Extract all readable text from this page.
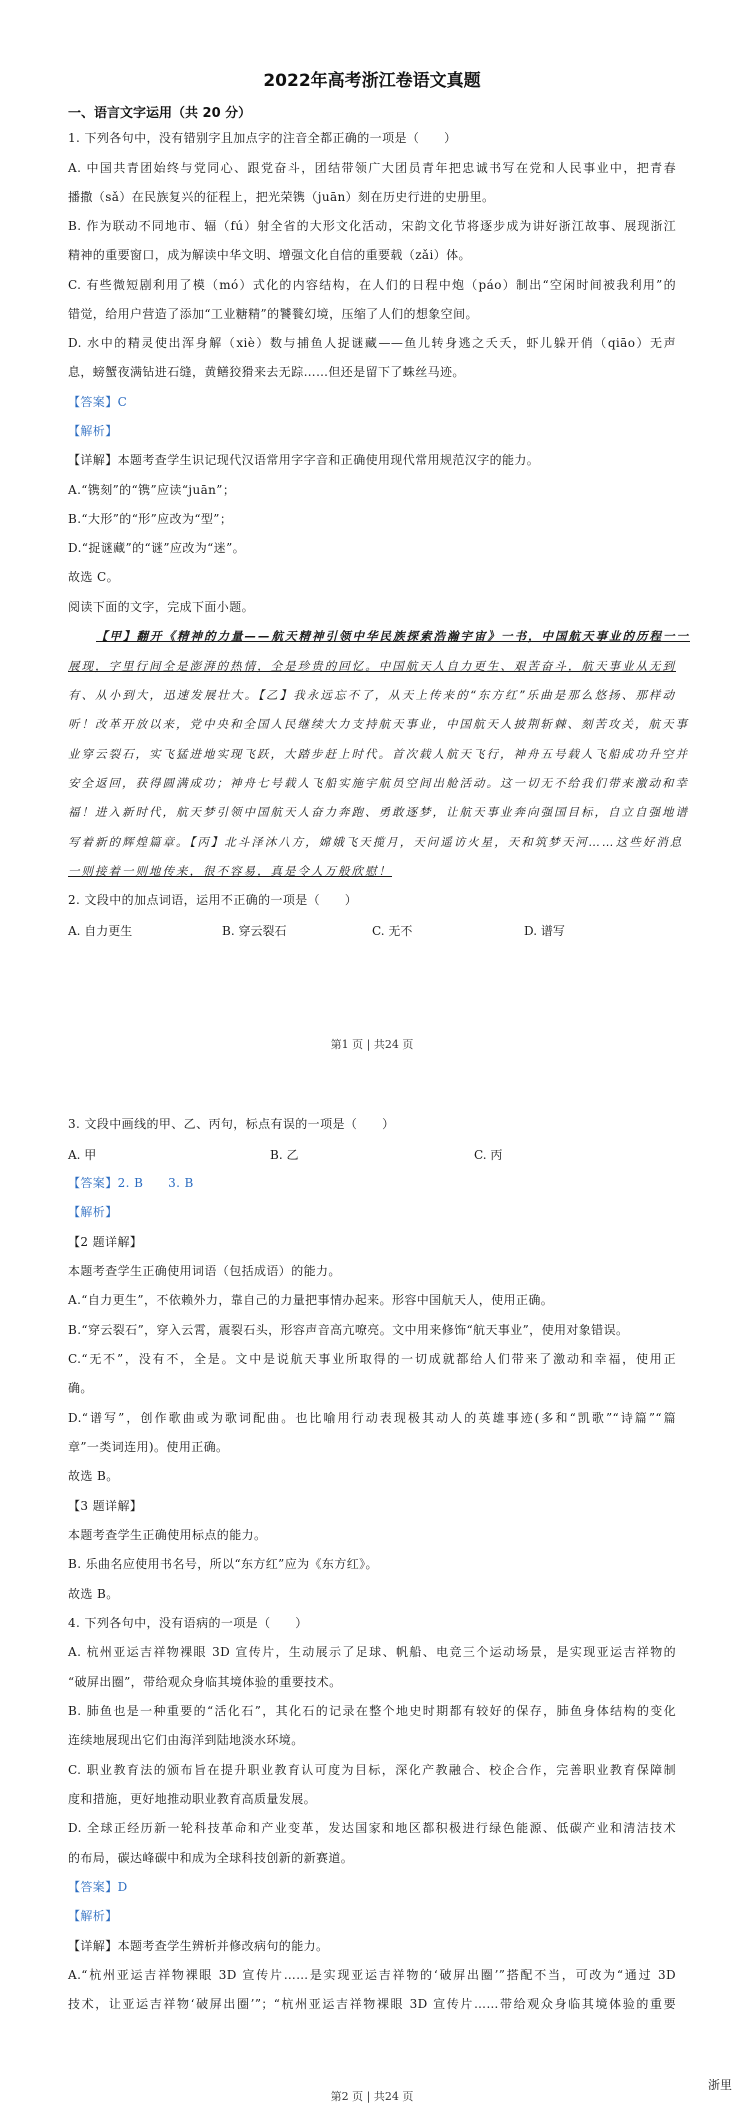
2022年高考浙江卷语文真题
一、语言文字运用（共 20 分）
1. 下列各句中，没有错别字且加点字的注音全都正确的一项是（　　）
A. 中国共青团始终与党同心、跟党奋斗，团结带领广大团员青年把忠诚书写在党和人民事业中，把青春
播撒（sǎ）在民族复兴的征程上，把光荣镌（juān）刻在历史行进的史册里。
B. 作为联动不同地市、辐（fú）射全省的大形文化活动，宋韵文化节将逐步成为讲好浙江故事、展现浙江
精神的重要窗口，成为解读中华文明、增强文化自信的重要载（zǎi）体。
C. 有些微短剧利用了模（mó）式化的内容结构，在人们的日程中炮（páo）制出“空闲时间被我利用”的
错觉，给用户营造了添加“工业糖精”的饕餮幻境，压缩了人们的想象空间。
D. 水中的精灵使出浑身解（xiè）数与捕鱼人捉谜藏——鱼儿转身逃之夭夭，虾儿躲开俏（qiāo）无声
息，螃蟹夜满钻进石缝，黄鳝狡猾来去无踪……但还是留下了蛛丝马迹。
【答案】C
【解析】
【详解】本题考查学生识记现代汉语常用字字音和正确使用现代常用规范汉字的能力。
A.“镌刻”的“镌”应读“juān”；
B.“大形”的“形”应改为“型”；
D.“捉谜藏”的“谜”应改为“迷”。
故选 C。
阅读下面的文字，完成下面小题。
【甲】翻开《精神的力量——航天精神引领中华民族探索浩瀚宇宙》一书，中国航天事业的历程一一
展现，字里行间全是澎湃的热情，全是珍贵的回忆。中国航天人自力更生、艰苦奋斗，航天事业从无到
有、从小到大，迅速发展壮大。【乙】我永远忘不了，从天上传来的“东方红”乐曲是那么悠扬、那样动
听！改革开放以来，党中央和全国人民继续大力支持航天事业，中国航天人披荆斩棘、刻苦攻关，航天事
业穿云裂石，实飞猛进地实现飞跃，大踏步赶上时代。首次载人航天飞行，神舟五号载人飞船成功升空并
安全返回，获得圆满成功；神舟七号载人飞船实施宇航员空间出舱活动。这一切无不给我们带来激动和幸
福！进入新时代，航天梦引领中国航天人奋力奔跑、勇敢逐梦，让航天事业奔向强国目标，自立自强地谱
写着新的辉煌篇章。【丙】北斗泽沐八方，嫦娥飞天揽月，天问遥访火星，天和筑梦天河……这些好消息
一则接着一则地传来，很不容易，真是令人万般欣慰！
2. 文段中的加点词语，运用不正确的一项是（　　）
A. 自力更生	B. 穿云裂石	C. 无不	D. 谱写
第1 页 | 共24 页
3. 文段中画线的甲、乙、丙句，标点有误的一项是（　　）
A. 甲	B. 乙	C. 丙
【答案】2. B　　3. B
【解析】
【2 题详解】
本题考查学生正确使用词语（包括成语）的能力。
A.“自力更生”，不依赖外力，靠自己的力量把事情办起来。形容中国航天人，使用正确。
B.“穿云裂石”，穿入云霄，震裂石头，形容声音高亢嘹亮。文中用来修饰“航天事业”，使用对象错误。
C.“无不”，没有不，全是。文中是说航天事业所取得的一切成就都给人们带来了激动和幸福，使用正
确。
D.“谱写”，创作歌曲或为歌词配曲。也比喻用行动表现极其动人的英雄事迹(多和“凯歌”“诗篇”“篇
章”一类词连用)。使用正确。
故选 B。
【3 题详解】
本题考查学生正确使用标点的能力。
B. 乐曲名应使用书名号，所以“东方红”应为《东方红》。
故选 B。
4. 下列各句中，没有语病的一项是（　　）
A. 杭州亚运吉祥物裸眼 3D 宣传片，生动展示了足球、帆船、电竞三个运动场景，是实现亚运吉祥物的
“破屏出圈”，带给观众身临其境体验的重要技术。
B. 肺鱼也是一种重要的“活化石”，其化石的记录在整个地史时期都有较好的保存，肺鱼身体结构的变化
连续地展现出它们由海洋到陆地淡水环境。
C. 职业教育法的颁布旨在提升职业教育认可度为目标，深化产教融合、校企合作，完善职业教育保障制
度和措施，更好地推动职业教育高质量发展。
D. 全球正经历新一轮科技革命和产业变革，发达国家和地区都积极进行绿色能源、低碳产业和清洁技术
的布局，碳达峰碳中和成为全球科技创新的新赛道。
【答案】D
【解析】
【详解】本题考查学生辨析并修改病句的能力。
A.“杭州亚运吉祥物裸眼 3D 宣传片……是实现亚运吉祥物的‘破屏出圈’”搭配不当，可改为“通过 3D
技术，让亚运吉祥物‘破屏出圈’”；“杭州亚运吉祥物裸眼 3D 宣传片……带给观众身临其境体验的重要
浙里
第2 页 | 共24 页
